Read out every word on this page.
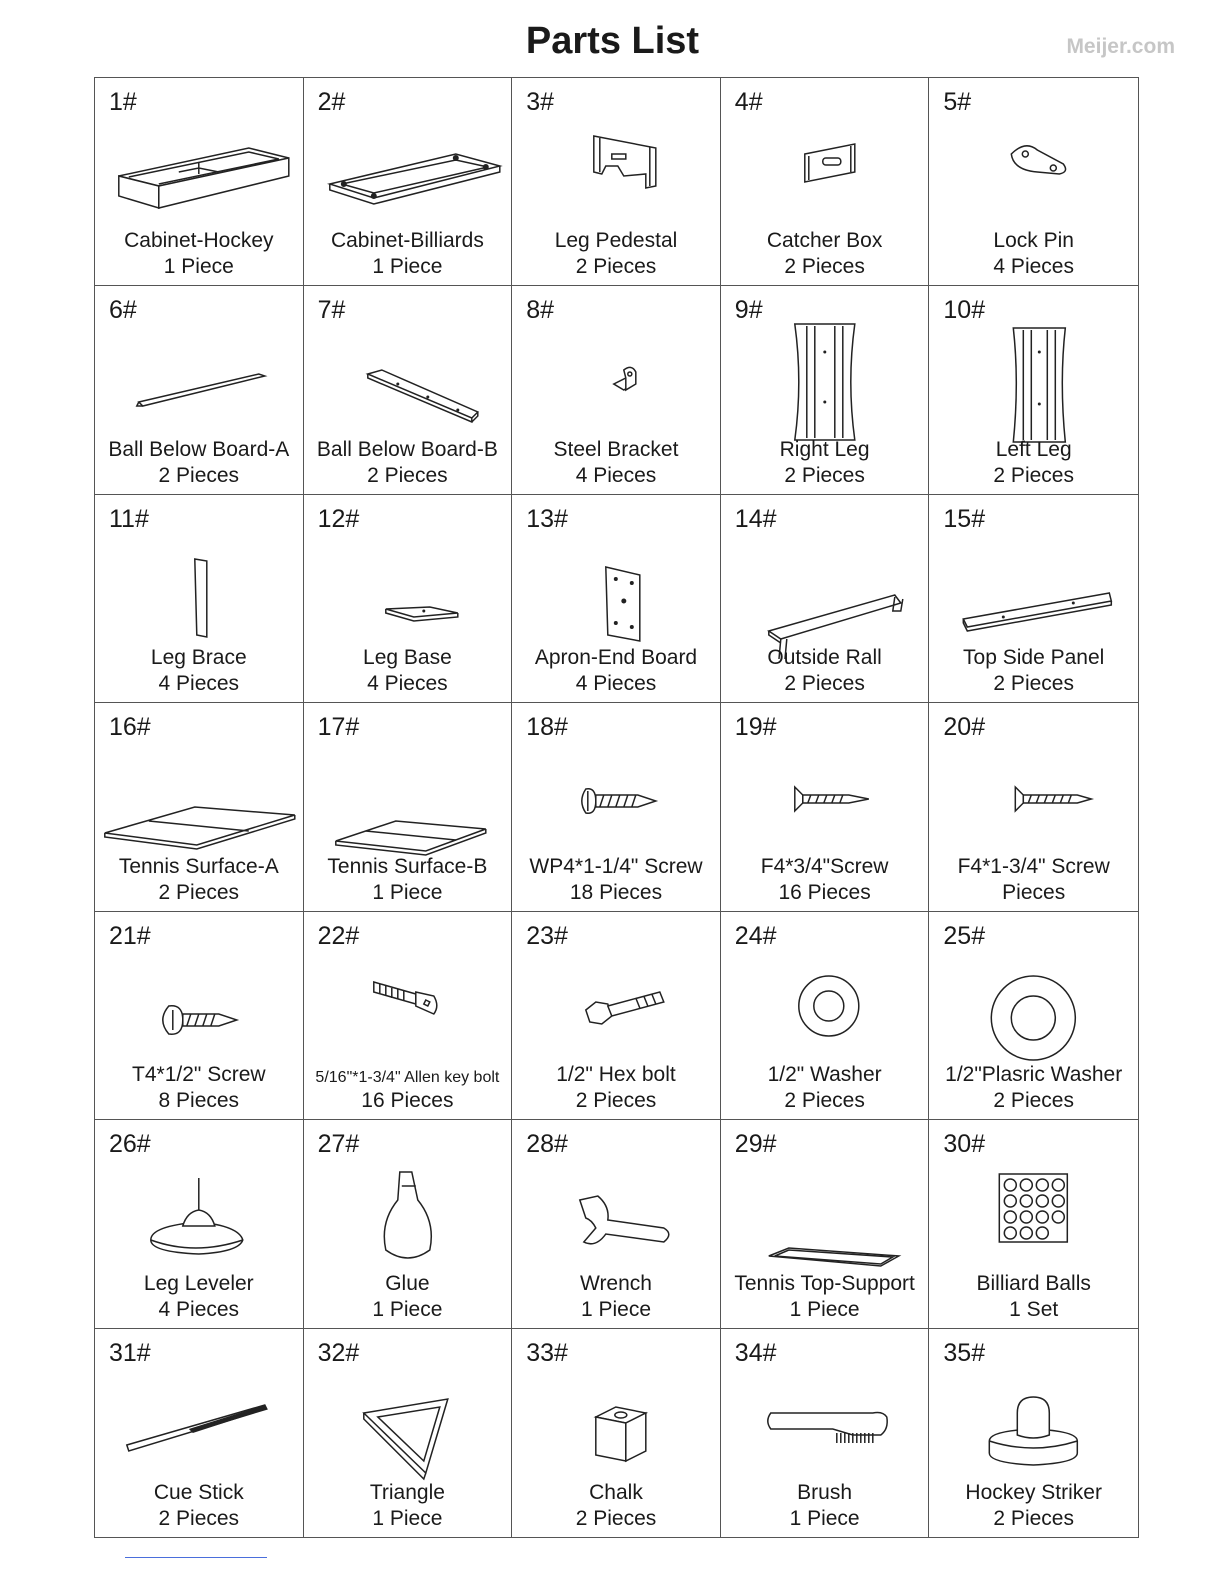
Parts List	Meijer.com
1#
Cabinet-Hockey
1 Piece
2#
Cabinet-Billiards
1 Piece
3#
Leg Pedestal
2 Pieces
4#
Catcher Box
2 Pieces
5#
Lock Pin
4 Pieces
6#
Ball Below Board-A
2 Pieces
7#
Ball Below Board-B
2 Pieces
8#
Steel Bracket
4 Pieces
9#
Right Leg
2 Pieces
10#
Left Leg
2 Pieces
11#
Leg Brace
4 Pieces
12#
Leg Base
4 Pieces
13#
Apron-End Board
4 Pieces
14#
Outside Rall
2 Pieces
15#
Top Side Panel
2 Pieces
16#
Tennis Surface-A
2 Pieces
17#
Tennis Surface-B
1 Piece
18#
WP4*1-1/4" Screw
18 Pieces
19#
F4*3/4"Screw
16 Pieces
20#
F4*1-3/4" Screw
Pieces
21#
T4*1/2" Screw
8 Pieces
22#
5/16"*1-3/4" Allen key bolt
16 Pieces
23#
1/2" Hex bolt
2 Pieces
24#
1/2" Washer
2 Pieces
25#
1/2"Plasric Washer
2 Pieces
26#
Leg Leveler
4 Pieces
27#
Glue
1 Piece
28#
Wrench
1 Piece
29#
Tennis Top-Support
1 Piece
30#
Billiard Balls
1 Set
31#
Cue Stick
2 Pieces
32#
Triangle
1 Piece
33#
Chalk
2 Pieces
34#
Brush
1 Piece
35#
Hockey Striker
2 Pieces
